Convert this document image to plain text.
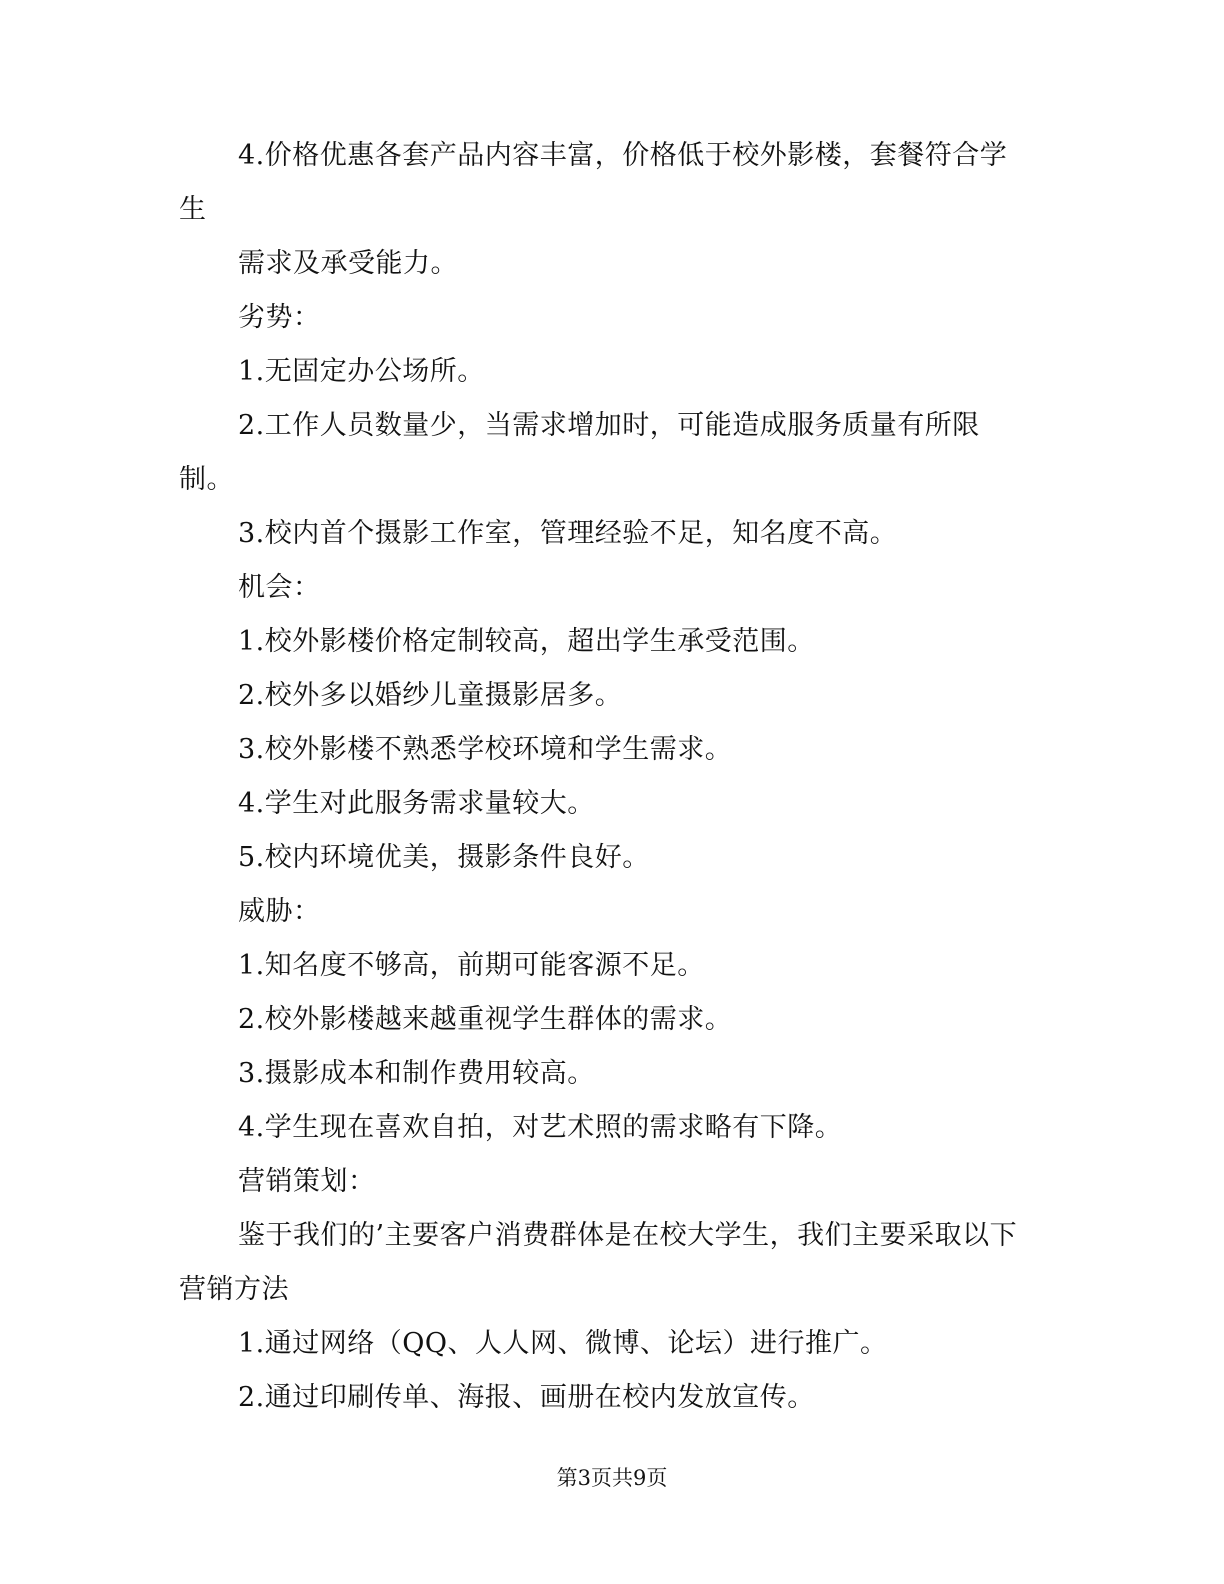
4.价格优惠各套产品内容丰富，价格低于校外影楼，套餐符合学
生
需求及承受能力。
劣势：
1.无固定办公场所。
2.工作人员数量少，当需求增加时，可能造成服务质量有所限
制。
3.校内首个摄影工作室，管理经验不足，知名度不高。
机会：
1.校外影楼价格定制较高，超出学生承受范围。
2.校外多以婚纱儿童摄影居多。
3.校外影楼不熟悉学校环境和学生需求。
4.学生对此服务需求量较大。
5.校内环境优美，摄影条件良好。
威胁：
1.知名度不够高，前期可能客源不足。
2.校外影楼越来越重视学生群体的需求。
3.摄影成本和制作费用较高。
4.学生现在喜欢自拍，对艺术照的需求略有下降。
营销策划：
鉴于我们的’主要客户消费群体是在校大学生，我们主要采取以下
营销方法
1.通过网络（QQ、人人网、微博、论坛）进行推广。
2.通过印刷传单、海报、画册在校内发放宣传。
第3页共9页
